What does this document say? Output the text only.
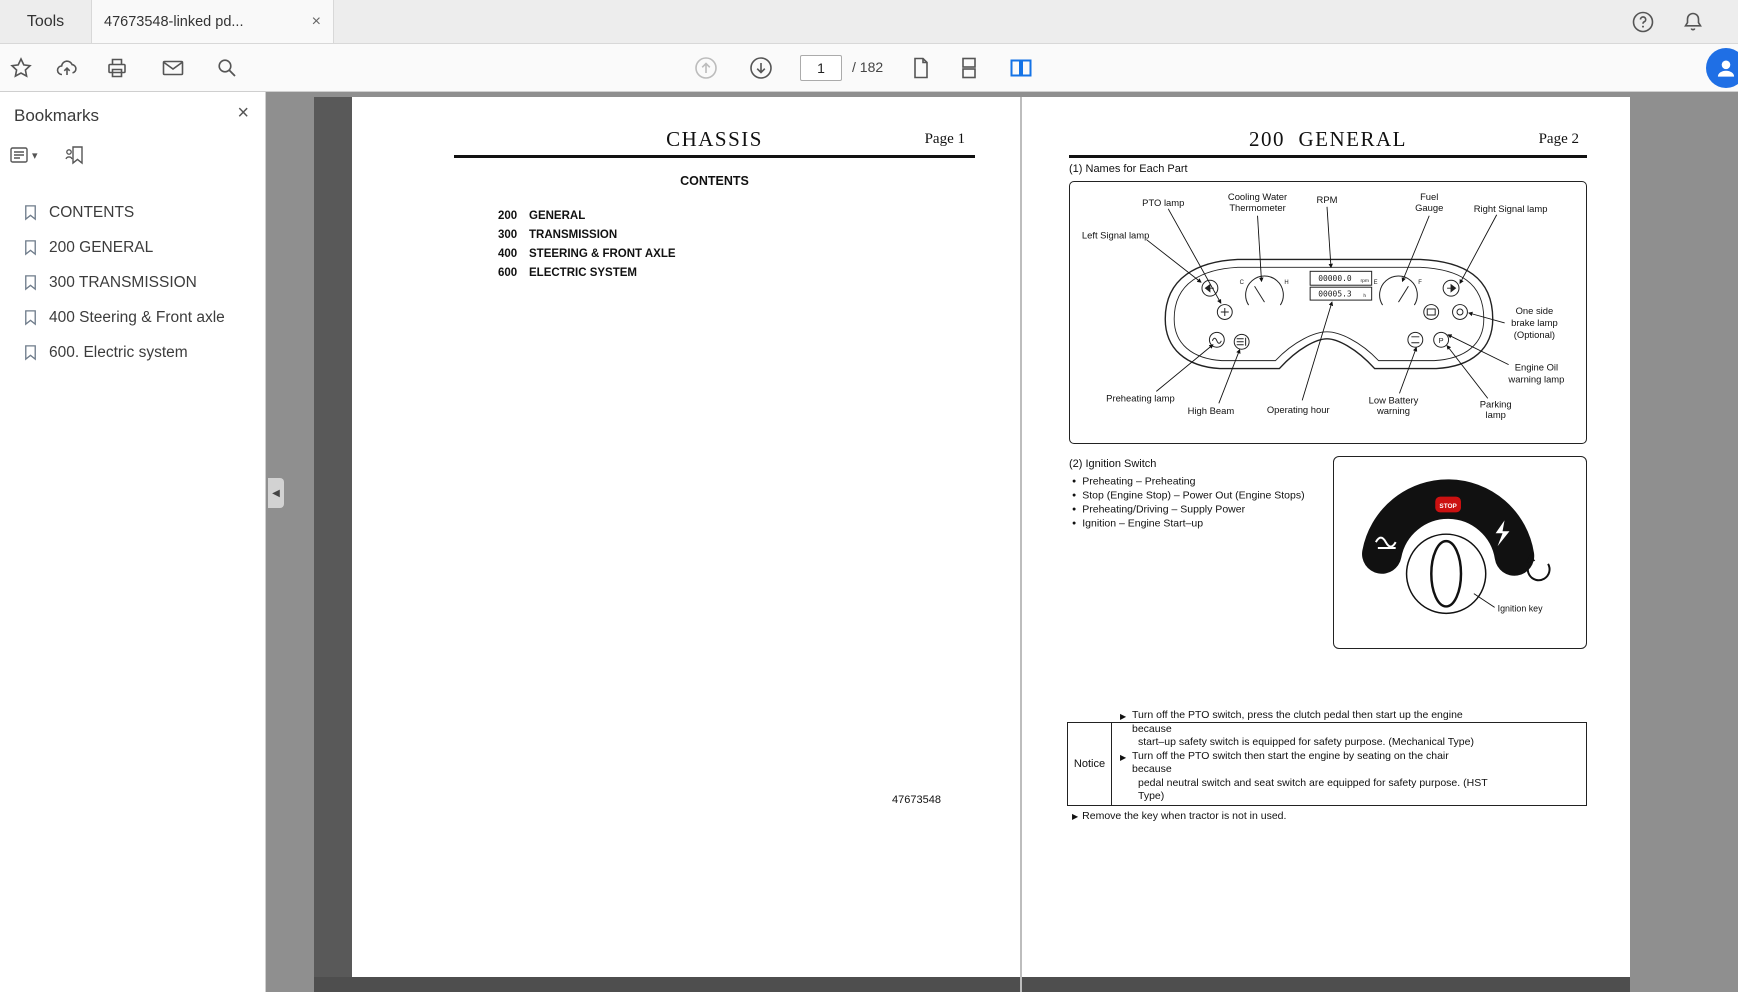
Tools	47673548-linked pd...	×
1
/ 182
Bookmarks	×
▾
CONTENTS
200 GENERAL
300 TRANSMISSION
400 Steering & Front axle
600. Electric system
◀
CHASSIS	Page 1
CONTENTS
200 GENERAL
300 TRANSMISSION
400 STEERING & FRONT AXLE
600 ELECTRIC SYSTEM
47673548
200  GENERAL	Page 2
(1) Names for Each Part
C	H	E	F
00000.0 rpm
00005.3 h
P
PTO lamp
Cooling Water
Thermometer
RPM	Fuel
Gauge	Right Signal lamp
Left Signal lamp
One side
brake lamp
(Optional)
Engine Oil
warning lamp
Preheating lamp
High Beam	Operating hour
Low Battery
warning
Parking
lamp
(2) Ignition Switch
● Preheating – Preheating
● Stop (Engine Stop) – Power Out (Engine Stops)
● Preheating/Driving – Supply Power
● Ignition – Engine Start–up
STOP
Ignition key
Notice
▶ Turn off the PTO switch, press the clutch pedal then start up the engine
because
start–up safety switch is equipped for safety purpose. (Mechanical Type)
▶ Turn off the PTO switch then start the engine by seating on the chair
because
pedal neutral switch and seat switch are equipped for safety purpose. (HST
Type)
▶ Remove the key when tractor is not in used.
